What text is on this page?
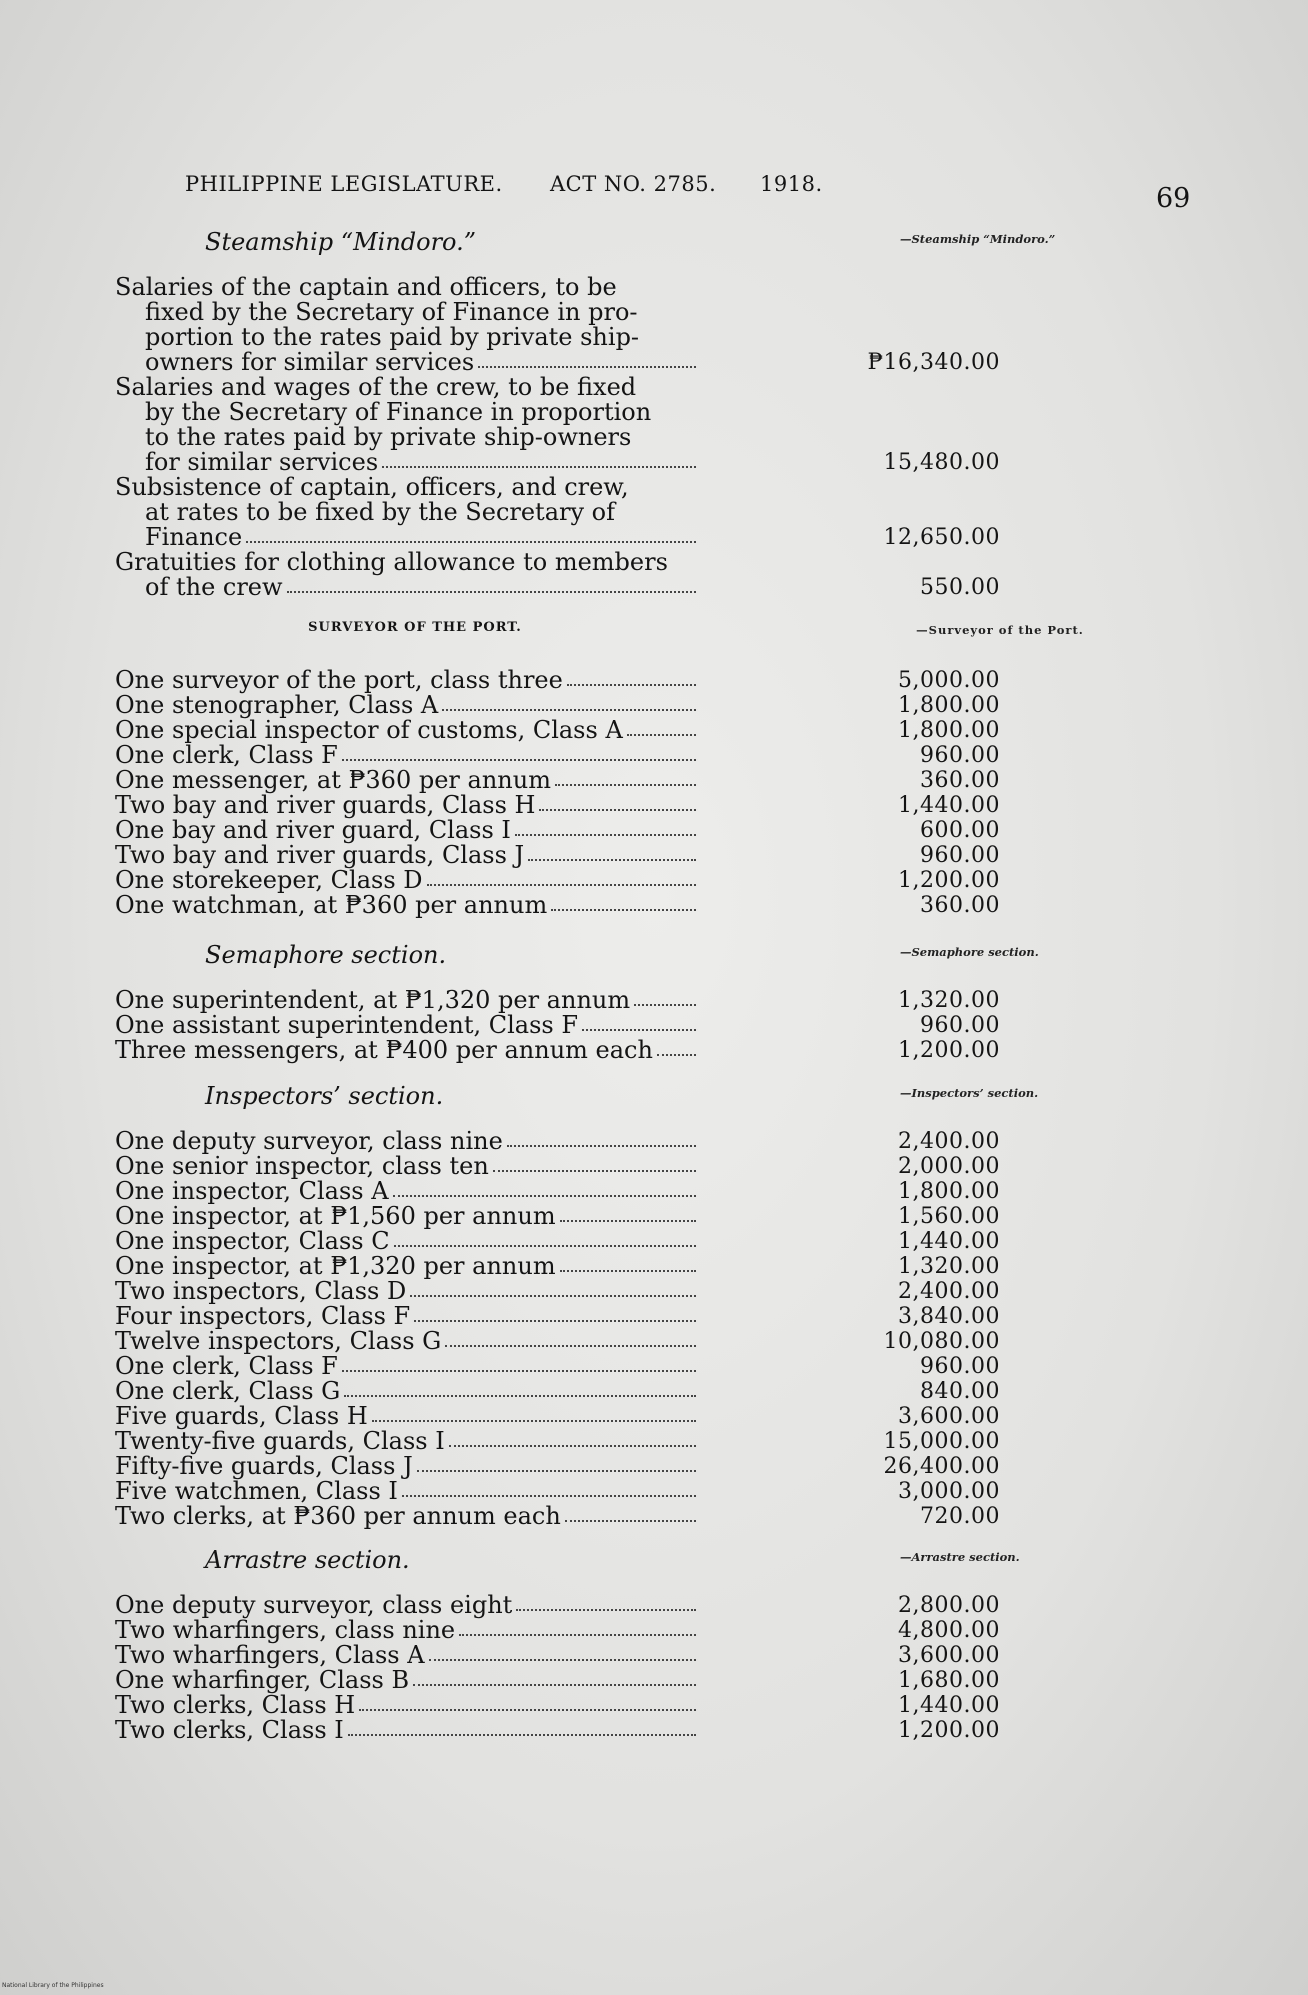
PHILIPPINE LEGISLATURE. ACT NO. 2785. 1918.	69
Steamship “Mindoro.”	—Steamship “Mindoro.”
Salaries of the captain and officers, to be
fixed by the Secretary of Finance in pro-
portion to the rates paid by private ship-
owners for similar services	₱16,340.00
Salaries and wages of the crew, to be fixed
by the Secretary of Finance in proportion
to the rates paid by private ship-owners
for similar services	15,480.00
Subsistence of captain, officers, and crew,
at rates to be fixed by the Secretary of
Finance	12,650.00
Gratuities for clothing allowance to members
of the crew	550.00
SURVEYOR OF THE PORT.	—Surveyor of the Port.
One surveyor of the port, class three	5,000.00
One stenographer, Class A	1,800.00
One special inspector of customs, Class A	1,800.00
One clerk, Class F	960.00
One messenger, at ₱360 per annum	360.00
Two bay and river guards, Class H	1,440.00
One bay and river guard, Class I	600.00
Two bay and river guards, Class J	960.00
One storekeeper, Class D	1,200.00
One watchman, at ₱360 per annum	360.00
Semaphore section.	—Semaphore section.
One superintendent, at ₱1,320 per annum	1,320.00
One assistant superintendent, Class F	960.00
Three messengers, at ₱400 per annum each	1,200.00
Inspectors’ section.	—Inspectors’ section.
One deputy surveyor, class nine	2,400.00
One senior inspector, class ten	2,000.00
One inspector, Class A	1,800.00
One inspector, at ₱1,560 per annum	1,560.00
One inspector, Class C	1,440.00
One inspector, at ₱1,320 per annum	1,320.00
Two inspectors, Class D	2,400.00
Four inspectors, Class F	3,840.00
Twelve inspectors, Class G	10,080.00
One clerk, Class F	960.00
One clerk, Class G	840.00
Five guards, Class H	3,600.00
Twenty-five guards, Class I	15,000.00
Fifty-five guards, Class J	26,400.00
Five watchmen, Class I	3,000.00
Two clerks, at ₱360 per annum each	720.00
Arrastre section.	—Arrastre section.
One deputy surveyor, class eight	2,800.00
Two wharfingers, class nine	4,800.00
Two wharfingers, Class A	3,600.00
One wharfinger, Class B	1,680.00
Two clerks, Class H	1,440.00
Two clerks, Class I	1,200.00
National Library of the Philippines
